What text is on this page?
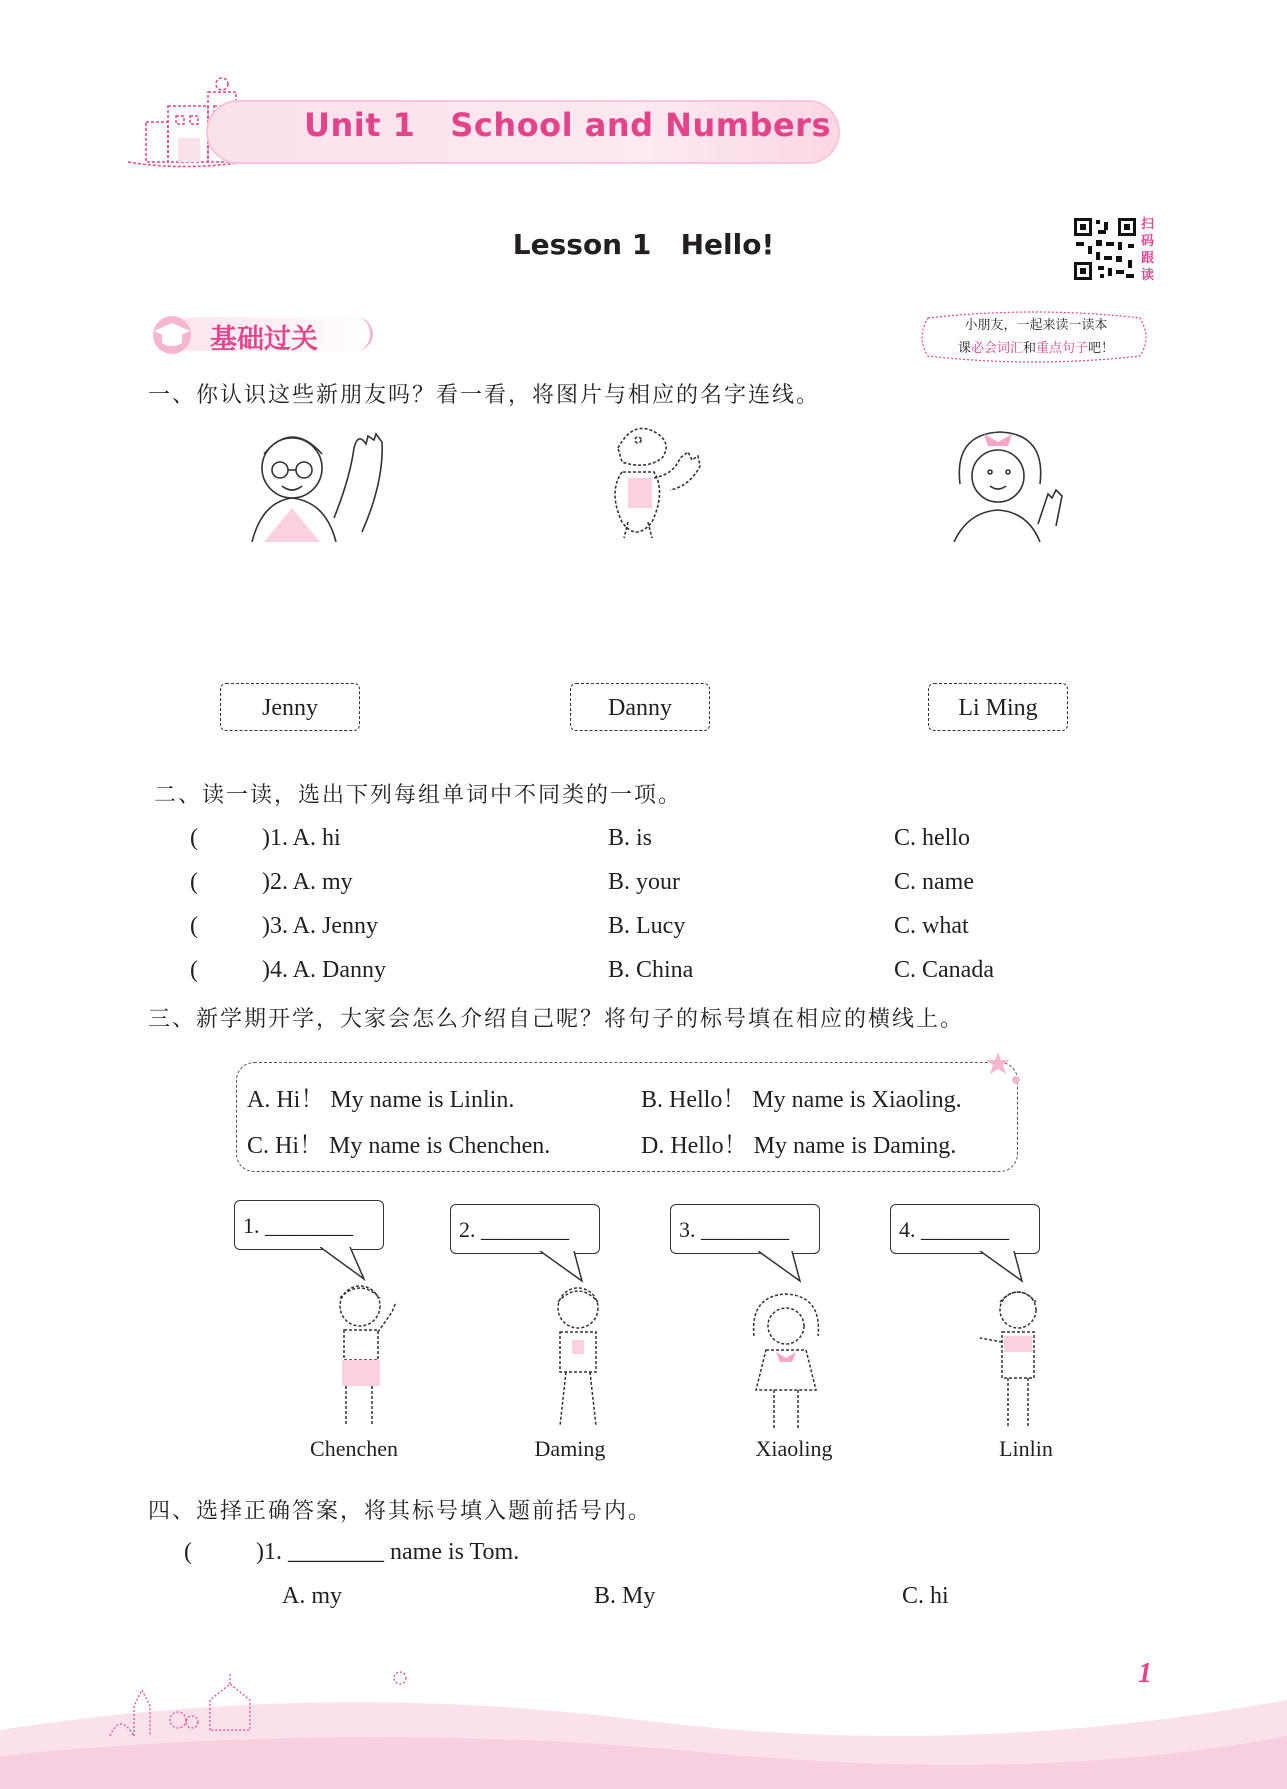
Unit 1   School and Numbers
Lesson 1   Hello!
扫
码
跟
读
基础过关	小朋友，一起来读一读本
课必会词汇和重点句子吧！
一、你认识这些新朋友吗？看一看，将图片与相应的名字连线。
Jenny	Danny	Li Ming
二、读一读，选出下列每组单词中不同类的一项。
(	)1. A. hi	B. is	C. hello
(	)2. A. my	B. your	C. name
(	)3. A. Jenny	B. Lucy	C. what
(	)4. A. Danny	B. China	C. Canada
三、新学期开学，大家会怎么介绍自己呢？将句子的标号填在相应的横线上。
A. Hi！ My name is Linlin.	B. Hello！ My name is Xiaoling.
C. Hi！ My name is Chenchen.	D. Hello！ My name is Daming.
1. ________	2. ________	3. ________	4. ________
Chenchen	Daming	Xiaoling	Linlin
四、选择正确答案，将其标号填入题前括号内。
(	)1. ________ name is Tom.
A. my	B. My	C. hi
1
